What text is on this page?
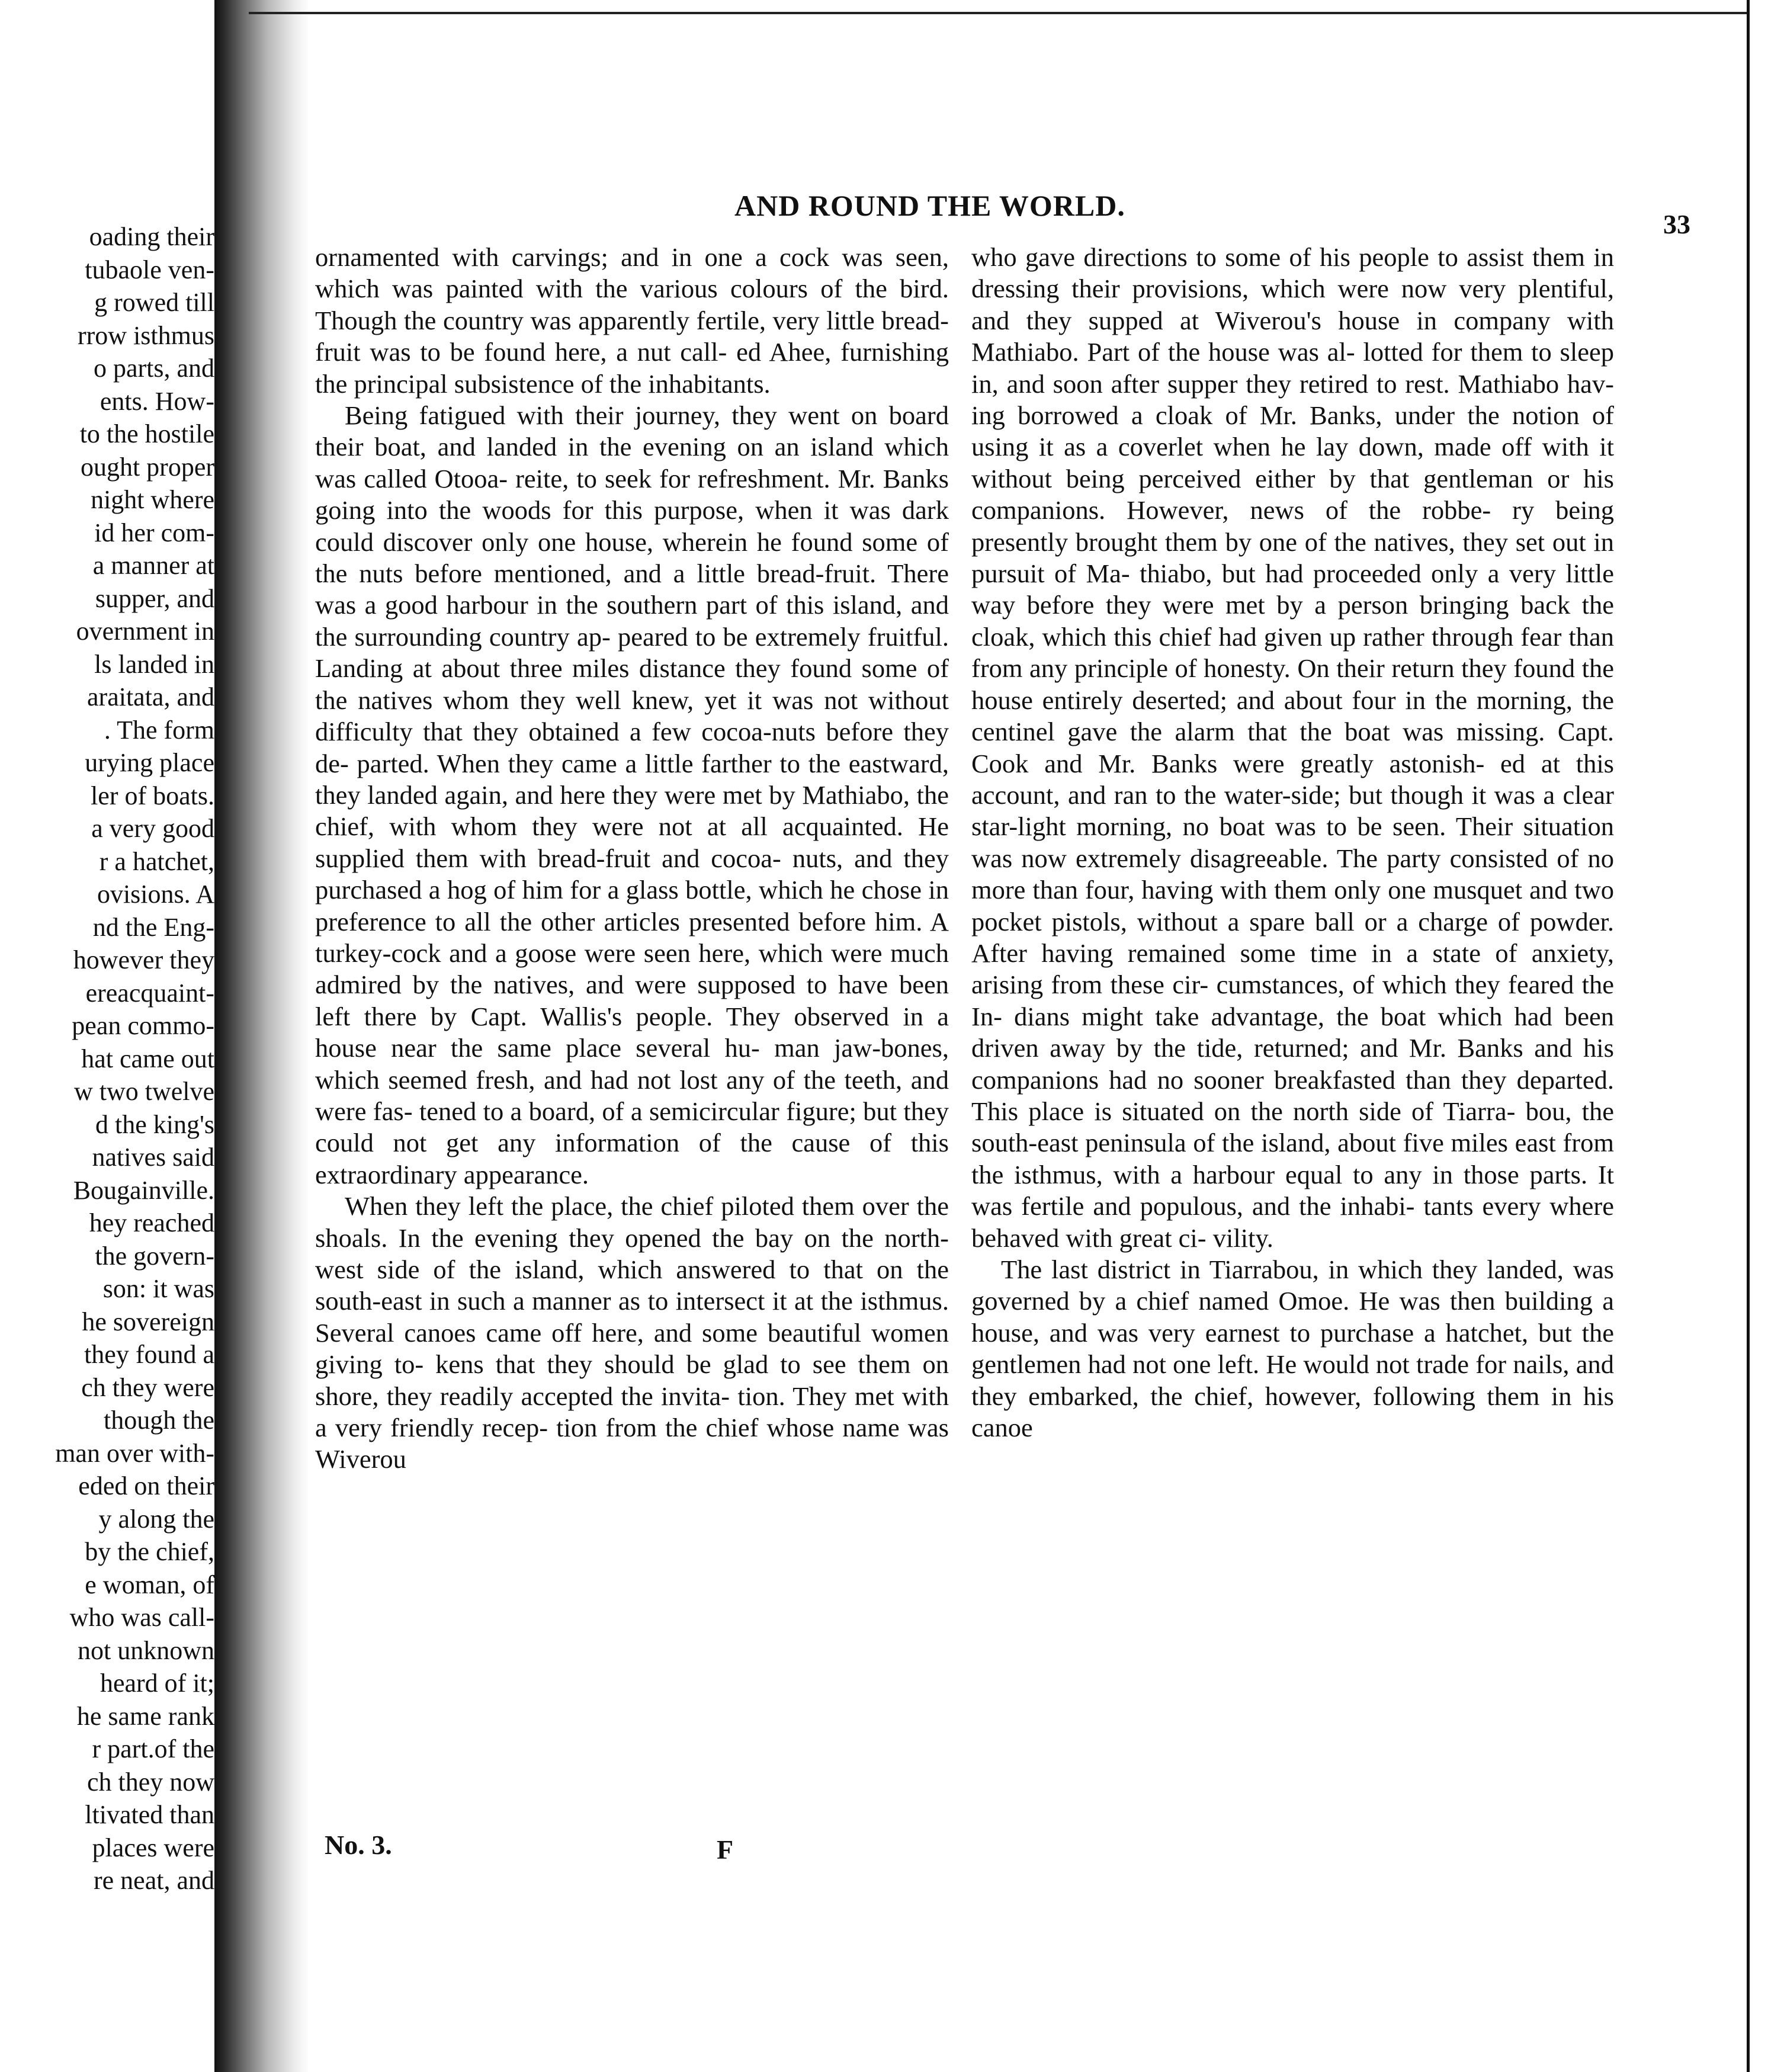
oading their
tubaole ven-
g rowed till
rrow isthmus
o parts, and
ents. How-
to the hostile
ought proper
night where
id her com-
a manner at
supper, and
overnment in
ls landed in
araitata, and
. The form
urying place
ler of boats.
a very good
r a hatchet,
ovisions. A
nd the Eng-
however they
ereacquaint-
pean commo-
hat came out
w two twelve
d the king's
natives said
Bougainville.
hey reached
the govern-
son: it was
he sovereign
they found a
ch they were
though the
man over with-
eded on their
y along the
by the chief,
e woman, of
who was call-
not unknown
heard of it;
he same rank
r part.of the
ch they now
ltivated than
places were
re neat, and
AND ROUND THE WORLD.
33

ornamented with carvings; and in one a cock was seen, which was painted with the various colours of the bird. Though the country was apparently fertile, very little bread-fruit was to be found here, a nut call- ed Ahee, furnishing the principal subsistence of the inhabitants.

Being fatigued with their journey, they went on board their boat, and landed in the evening on an island which was called Otooa- reite, to seek for refreshment. Mr. Banks going into the woods for this purpose, when it was dark could discover only one house, wherein he found some of the nuts before mentioned, and a little bread-fruit. There was a good harbour in the southern part of this island, and the surrounding country ap- peared to be extremely fruitful. Landing at about three miles distance they found some of the natives whom they well knew, yet it was not without difficulty that they obtained a few cocoa-nuts before they de- parted. When they came a little farther to the eastward, they landed again, and here they were met by Mathiabo, the chief, with whom they were not at all acquainted. He supplied them with bread-fruit and cocoa- nuts, and they purchased a hog of him for a glass bottle, which he chose in preference to all the other articles presented before him. A turkey-cock and a goose were seen here, which were much admired by the natives, and were supposed to have been left there by Capt. Wallis's people. They observed in a house near the same place several hu- man jaw-bones, which seemed fresh, and had not lost any of the teeth, and were fas- tened to a board, of a semicircular figure; but they could not get any information of the cause of this extraordinary appearance.

When they left the place, the chief piloted them over the shoals. In the evening they opened the bay on the north-west side of the island, which answered to that on the south-east in such a manner as to intersect it at the isthmus. Several canoes came off here, and some beautiful women giving to- kens that they should be glad to see them on shore, they readily accepted the invita- tion. They met with a very friendly recep- tion from the chief whose name was Wiverou

who gave directions to some of his people to assist them in dressing their provisions, which were now very plentiful, and they supped at Wiverou's house in company with Mathiabo. Part of the house was al- lotted for them to sleep in, and soon after supper they retired to rest. Mathiabo hav- ing borrowed a cloak of Mr. Banks, under the notion of using it as a coverlet when he lay down, made off with it without being perceived either by that gentleman or his companions. However, news of the robbe- ry being presently brought them by one of the natives, they set out in pursuit of Ma- thiabo, but had proceeded only a very little way before they were met by a person bringing back the cloak, which this chief had given up rather through fear than from any principle of honesty. On their return they found the house entirely deserted; and about four in the morning, the centinel gave the alarm that the boat was missing. Capt. Cook and Mr. Banks were greatly astonish- ed at this account, and ran to the water-side; but though it was a clear star-light morning, no boat was to be seen. Their situation was now extremely disagreeable. The party consisted of no more than four, having with them only one musquet and two pocket pistols, without a spare ball or a charge of powder. After having remained some time in a state of anxiety, arising from these cir- cumstances, of which they feared the In- dians might take advantage, the boat which had been driven away by the tide, returned; and Mr. Banks and his companions had no sooner breakfasted than they departed. This place is situated on the north side of Tiarra- bou, the south-east peninsula of the island, about five miles east from the isthmus, with a harbour equal to any in those parts. It was fertile and populous, and the inhabi- tants every where behaved with great ci- vility.

The last district in Tiarrabou, in which they landed, was governed by a chief named Omoe. He was then building a house, and was very earnest to purchase a hatchet, but the gentlemen had not one left. He would not trade for nails, and they embarked, the chief, however, following them in his canoe

No. 3.	F
